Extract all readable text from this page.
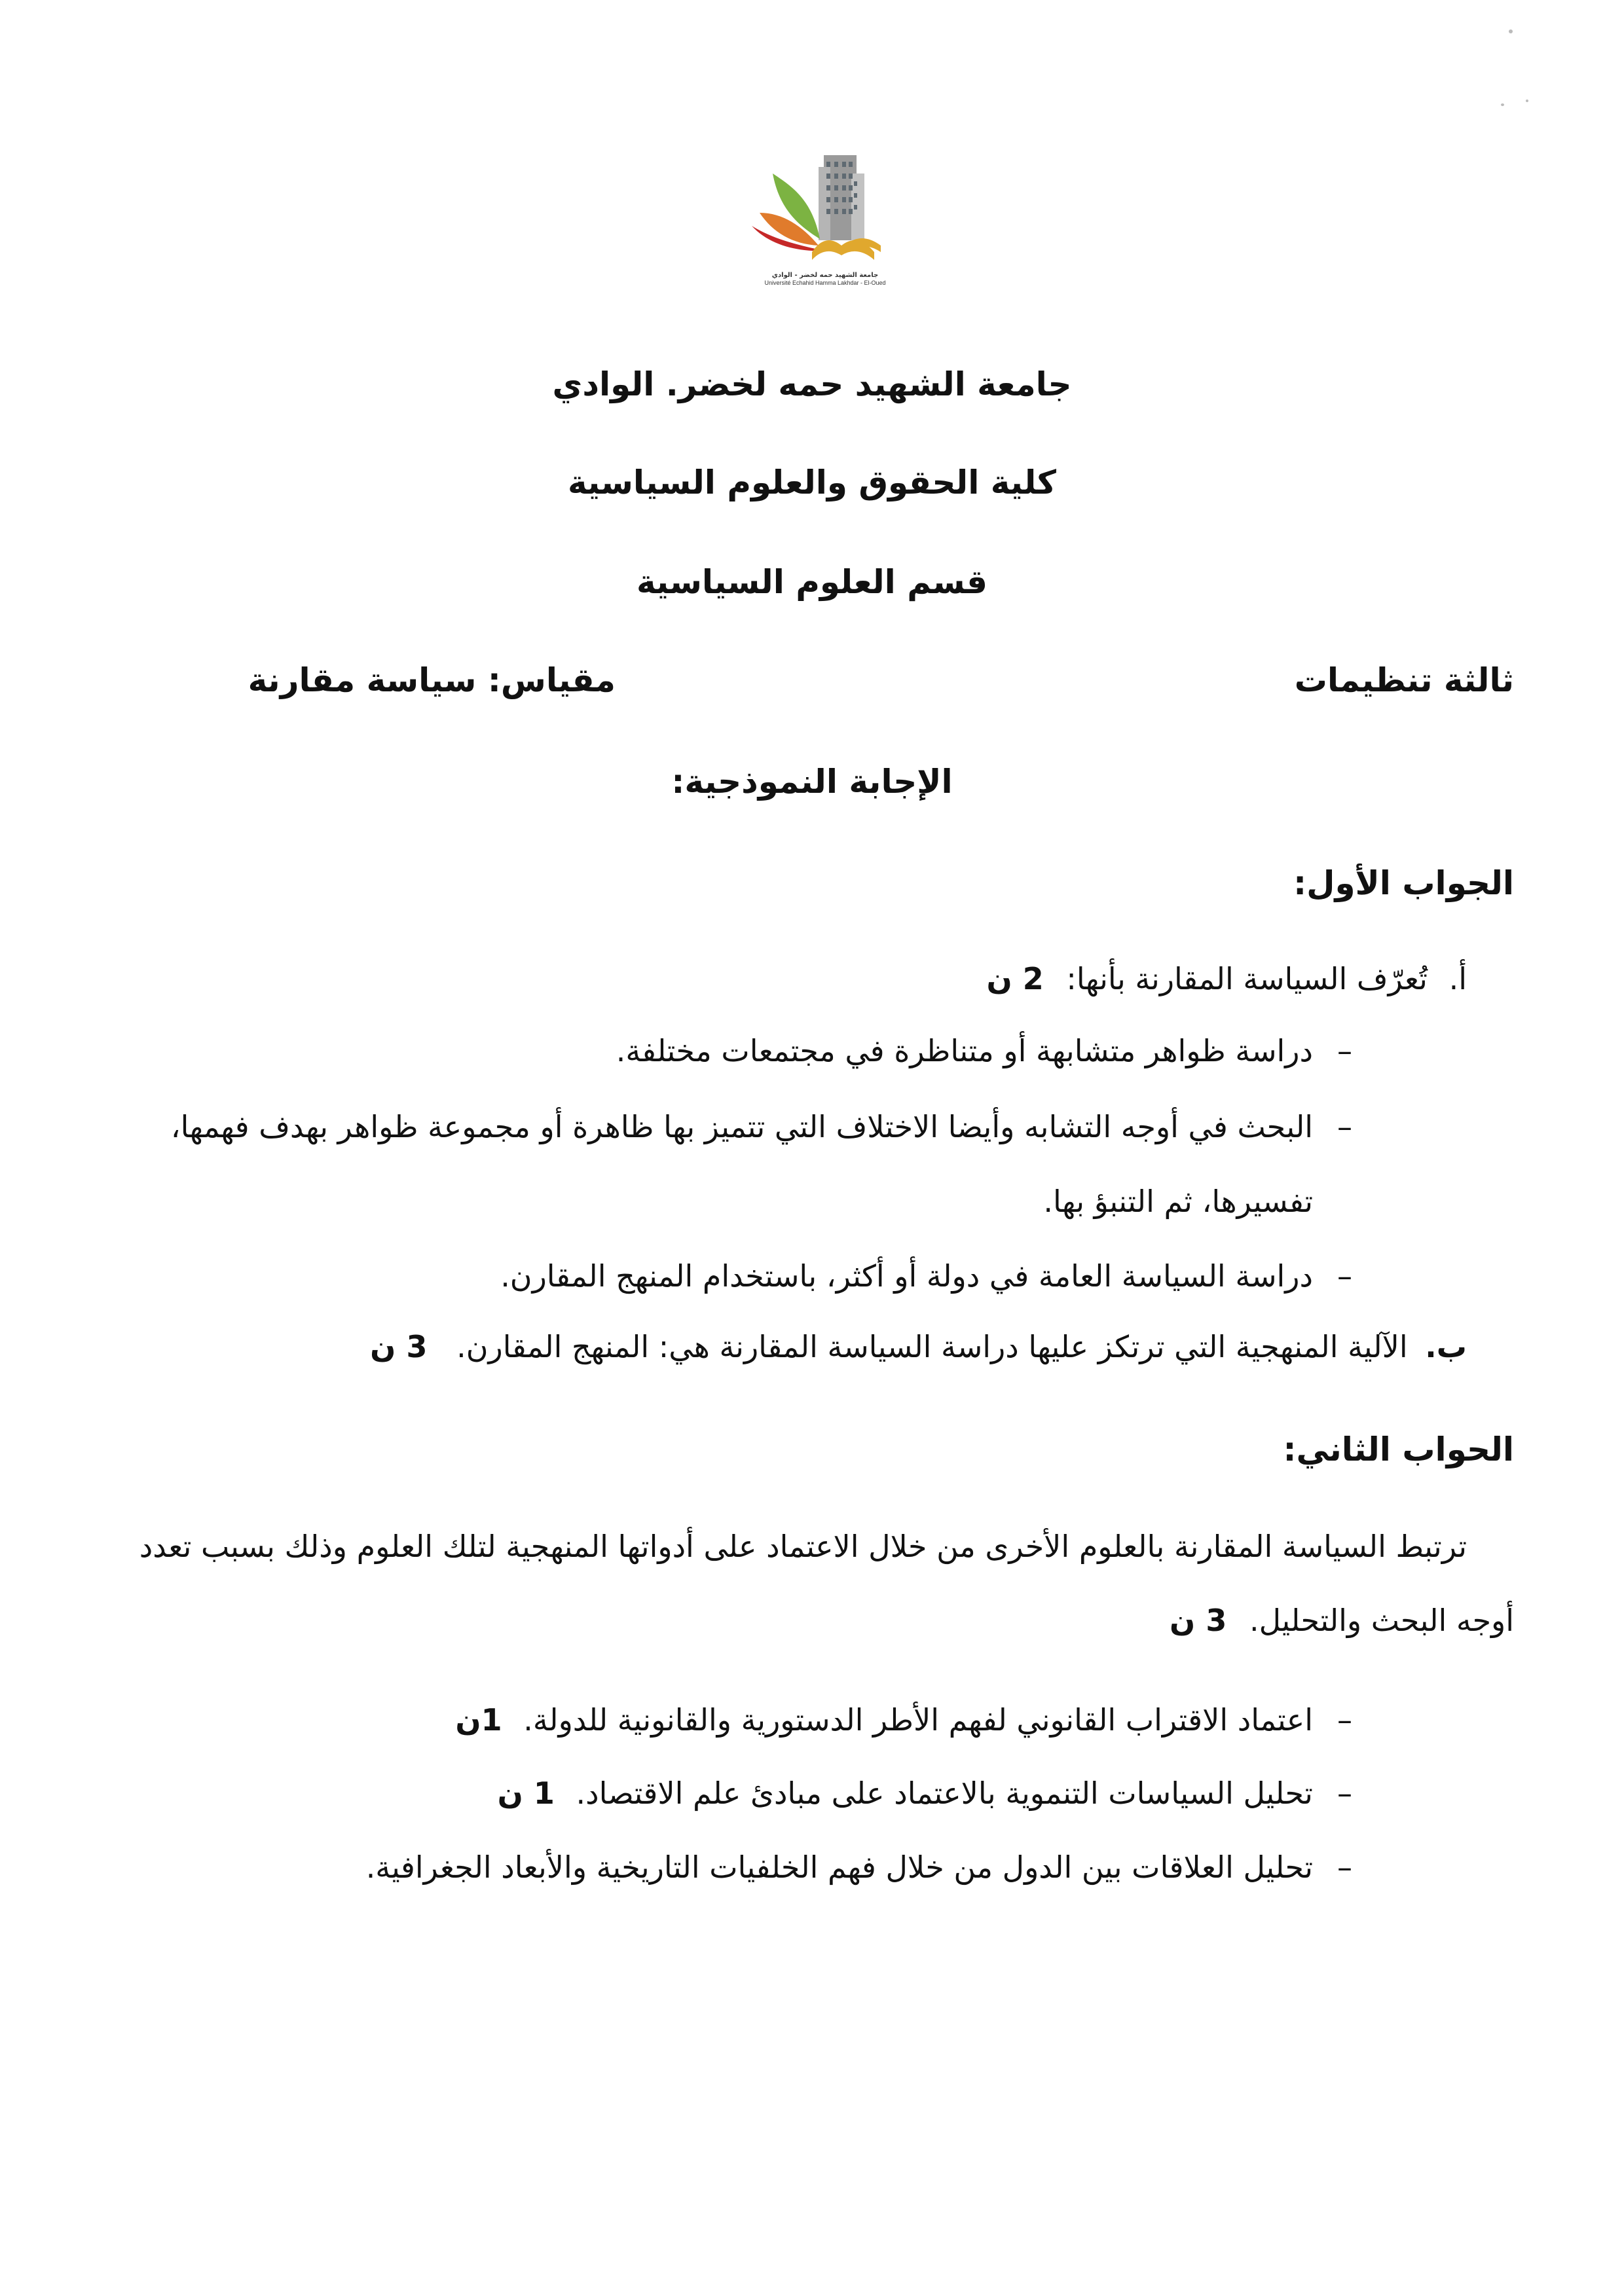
جامعة الشهيد حمه لخضر - الوادي
Université Echahid Hamma Lakhdar - El-Oued
جامعة الشهيد حمه لخضر. الوادي
كلية الحقوق والعلوم السياسية
قسم العلوم السياسية
ثالثة تنظيمات
مقياس: سياسة مقارنة
الإجابة النموذجية:
الجواب الأول:
أ. تُعرّف السياسة المقارنة بأنها: 2 ن
–
دراسة ظواهر متشابهة أو متناظرة في مجتمعات مختلفة.
–
البحث في أوجه التشابه وأيضا الاختلاف التي تتميز بها ظاهرة أو مجموعة ظواهر بهدف فهمها،
تفسيرها، ثم التنبؤ بها.
–
دراسة السياسة العامة في دولة أو أكثر، باستخدام المنهج المقارن.
ب. الآلية المنهجية التي ترتكز عليها دراسة السياسة المقارنة هي: المنهج المقارن. 3 ن
الحواب الثاني:
ترتبط السياسة المقارنة بالعلوم الأخرى من خلال الاعتماد على أدواتها المنهجية لتلك العلوم وذلك بسبب تعدد
أوجه البحث والتحليل. 3 ن
–
اعتماد الاقتراب القانوني لفهم الأطر الدستورية والقانونية للدولة. 1ن
–
تحليل السياسات التنموية بالاعتماد على مبادئ علم الاقتصاد. 1 ن
–
تحليل العلاقات بين الدول من خلال فهم الخلفيات التاريخية والأبعاد الجغرافية.
